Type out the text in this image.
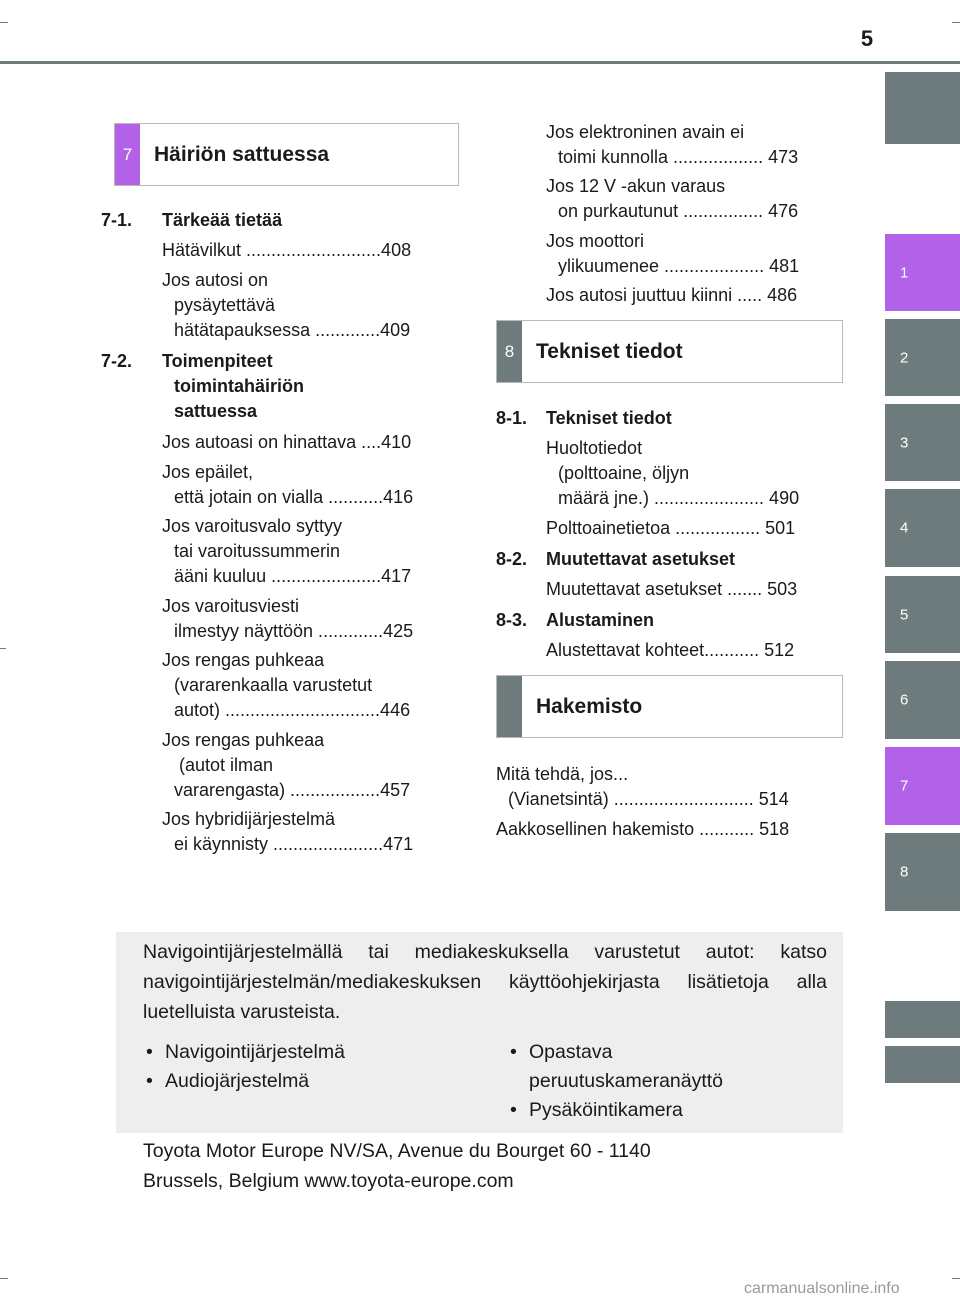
5
1
2
3
4
5
6
7
8
7	Häiriön sattuessa
7-1. Tärkeää tietää
Hätävilkut ...........................408
Jos autosi on
pysäytettävä
hätätapauksessa .............409
7-2. Toimenpiteet
toimintahäiriön
sattuessa
Jos autoasi on hinattava ....410
Jos epäilet,
että jotain on vialla ...........416
Jos varoitusvalo syttyy
tai varoitussummerin
ääni kuuluu ......................417
Jos varoitusviesti
ilmestyy näyttöön .............425
Jos rengas puhkeaa
(vararenkaalla varustetut
autot) ...............................446
Jos rengas puhkeaa
(autot ilman
vararengasta) ..................457
Jos hybridijärjestelmä
ei käynnisty ......................471
Jos elektroninen avain ei
toimi kunnolla .................. 473
Jos 12 V -akun varaus
on purkautunut ................ 476
Jos moottori
ylikuumenee .................... 481
Jos autosi juuttuu kiinni ..... 486
8	Tekniset tiedot
8-1. Tekniset tiedot
Huoltotiedot
(polttoaine, öljyn
määrä jne.) ...................... 490
Polttoainetietoa ................. 501
8-2. Muutettavat asetukset
Muutettavat asetukset ....... 503
8-3. Alustaminen
Alustettavat kohteet........... 512
Hakemisto
Mitä tehdä, jos...
(Vianetsintä) ............................ 514
Aakkosellinen hakemisto ........... 518
Navigointijärjestelmällä tai mediakeskuksella varustetut autot: katso navigointijärjestelmän/mediakeskuksen käyttöohjekirjasta lisätietoja alla luetelluista varusteista.
• Navigointijärjestelmä
• Audiojärjestelmä
• Opastava
peruutuskameranäyttö
• Pysäköintikamera
Toyota Motor Europe NV/SA, Avenue du Bourget 60 - 1140
Brussels, Belgium www.toyota-europe.com
carmanualsonline.info
